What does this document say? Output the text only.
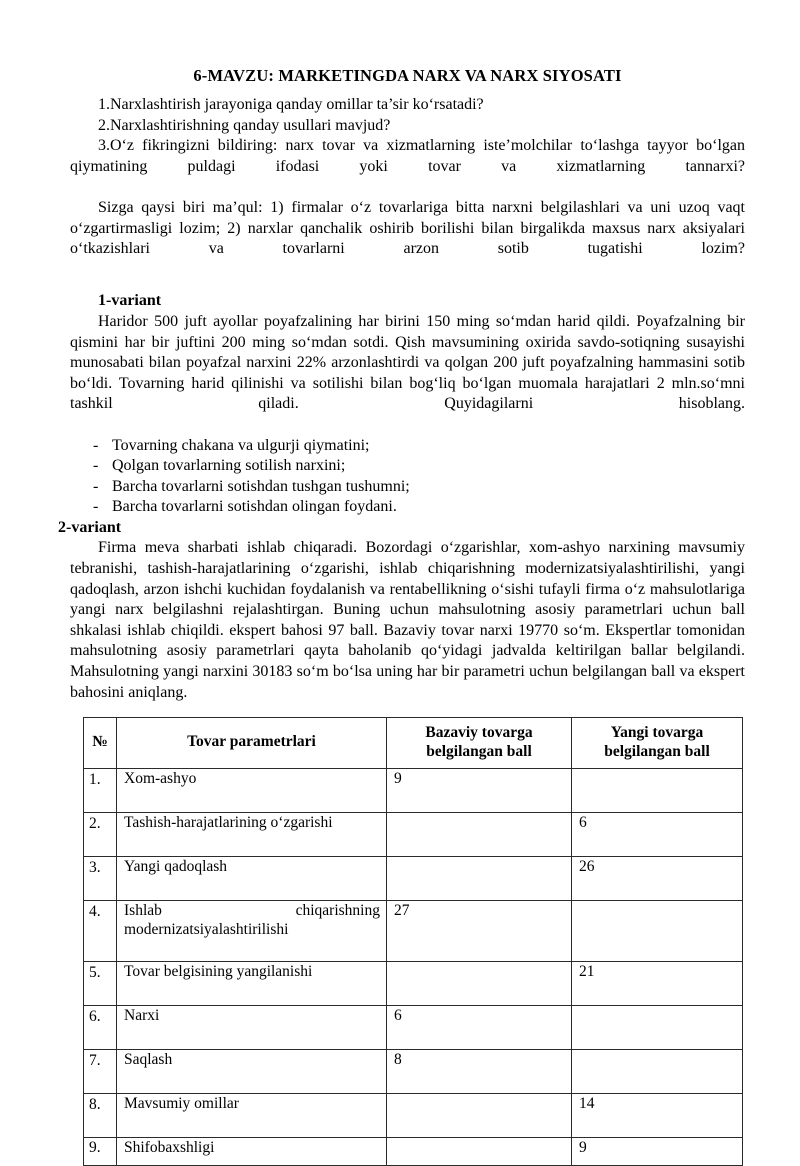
6-MAVZU: MARKETINGDA NARX VA NARX SIYOSATI
1.Narxlashtirish jarayoniga qanday omillar ta’sir ko‘rsatadi?
2.Narxlashtirishning qanday usullari mavjud?
3.O‘z fikringizni bildiring: narx tovar va xizmatlarning iste’molchilar to‘lashga tayyor bo‘lgan qiymatining puldagi ifodasi yoki tovar va xizmatlarning tannarxi?

Sizga qaysi biri ma’qul: 1) firmalar o‘z tovarlariga bitta narxni belgilashlari va uni uzoq vaqt o‘zgartirmasligi lozim; 2) narxlar qanchalik oshirib borilishi bilan birgalikda maxsus narx aksiyalari o‘tkazishlari va tovarlarni arzon sotib tugatishi lozim?

1-variant

Haridor 500 juft ayollar poyafzalining har birini 150 ming so‘mdan harid qildi. Poyafzalning bir qismini har bir juftini 200 ming so‘mdan sotdi. Qish mavsumining oxirida savdo-sotiqning susayishi munosabati bilan poyafzal narxini 22% arzonlashtirdi va qolgan 200 juft poyafzalning hammasini sotib bo‘ldi. Tovarning harid qilinishi va sotilishi bilan bog‘liq bo‘lgan muomala harajatlari 2 mln.so‘mni tashkil qiladi. Quyidagilarni hisoblang.

- Tovarning chakana va ulgurji qiymatini;
- Qolgan tovarlarning sotilish narxini;
- Barcha tovarlarni sotishdan tushgan tushumni;
- Barcha tovarlarni sotishdan olingan foydani.
2-variant

Firma meva sharbati ishlab chiqaradi. Bozordagi o‘zgarishlar, xom-ashyo narxining mavsumiy tebranishi, tashish-harajatlarining o‘zgarishi, ishlab chiqarishning modernizatsiyalashtirilishi, yangi qadoqlash, arzon ishchi kuchidan foydalanish va rentabellikning o‘sishi tufayli firma o‘z mahsulotlariga yangi narx belgilashni rejalashtirgan. Buning uchun mahsulotning asosiy parametrlari uchun ball shkalasi ishlab chiqildi. ekspert bahosi 97 ball. Bazaviy tovar narxi 19770 so‘m. Ekspertlar tomonidan mahsulotning asosiy parametrlari qayta baholanib qo‘yidagi jadvalda keltirilgan ballar belgilandi. Mahsulotning yangi narxini 30183 so‘m bo‘lsa uning har bir parametri uchun belgilangan ball va ekspert bahosini aniqlang.

№	Tovar parametrlari	Bazaviy tovarga belgilangan ball	Yangi tovarga belgilangan ball
1.	Xom-ashyo	9	
2.	Tashish-harajatlarining o‘zgarishi		6
3.	Yangi qadoqlash		26
4.	Ishlab chiqarishning modernizatsiyalashtirilishi	27	
5.	Tovar belgisining yangilanishi		21
6.	Narxi	6	
7.	Saqlash	8	
8.	Mavsumiy omillar		14
9.	Shifobaxshligi		9
